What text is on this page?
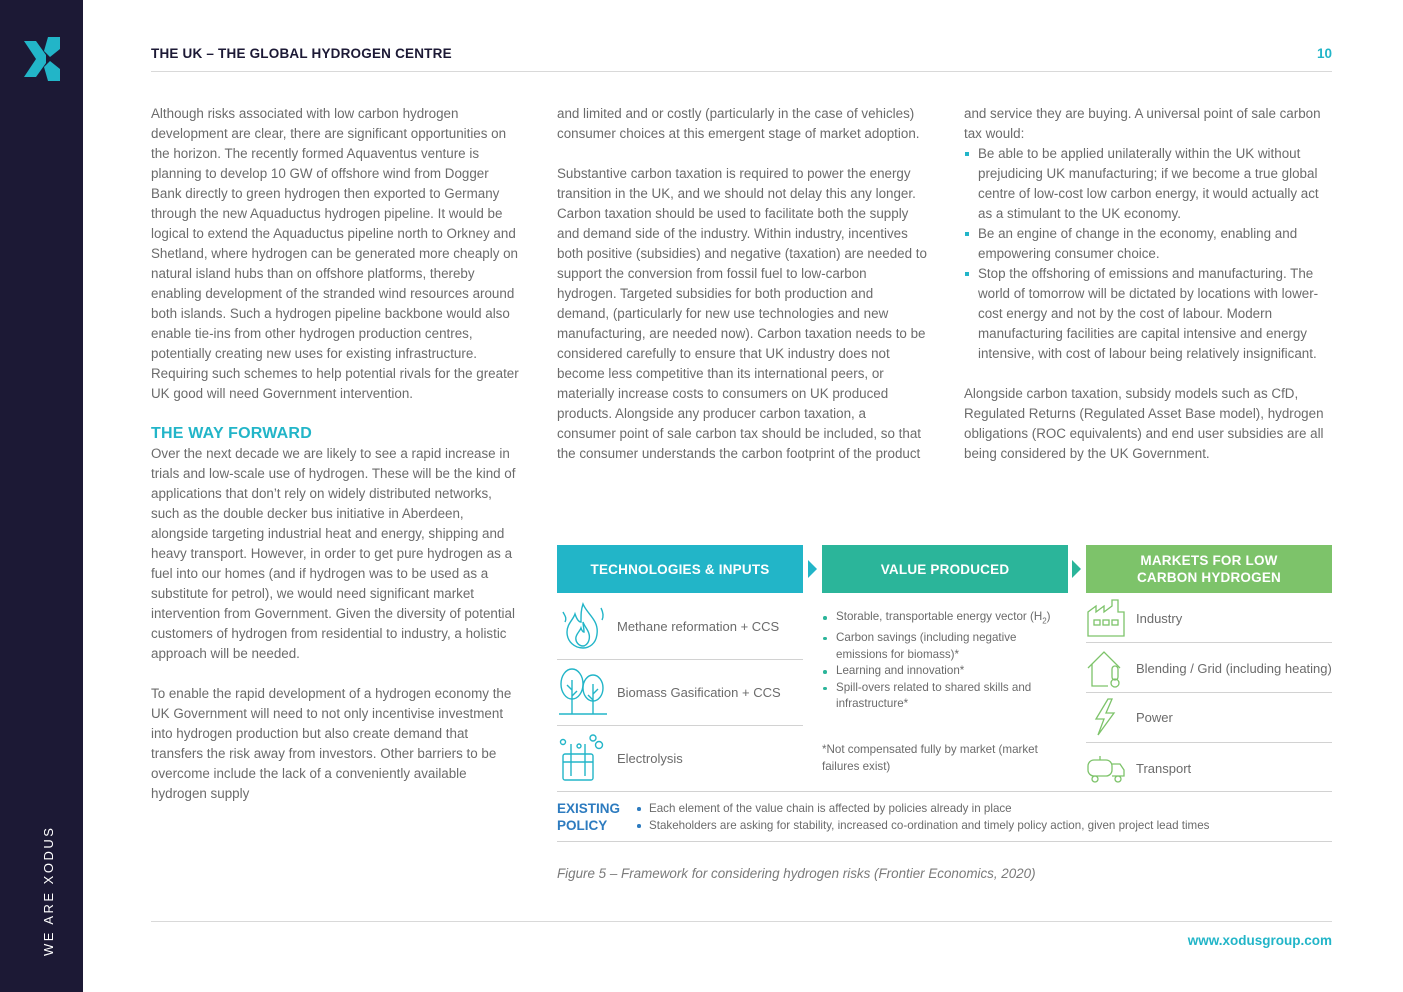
WE ARE XODUS
THE UK – THE GLOBAL HYDROGEN CENTRE	10

Although risks associated with low carbon hydrogen development are clear, there are significant opportunities on the horizon. The recently formed Aquaventus venture is planning to develop 10 GW of offshore wind from Dogger Bank directly to green hydrogen then exported to Germany through the new Aquaductus hydrogen pipeline. It would be logical to extend the Aquaductus pipeline north to Orkney and Shetland, where hydrogen can be generated more cheaply on natural island hubs than on offshore platforms, thereby enabling development of the stranded wind resources around both islands. Such a hydrogen pipeline backbone would also enable tie-ins from other hydrogen production centres, potentially creating new uses for existing infrastructure. Requiring such schemes to help potential rivals for the greater UK good will need Government intervention.

THE WAY FORWARD

Over the next decade we are likely to see a rapid increase in trials and low-scale use of hydrogen. These will be the kind of applications that don’t rely on widely distributed networks, such as the double decker bus initiative in Aberdeen, alongside targeting industrial heat and energy, shipping and heavy transport. However, in order to get pure hydrogen as a fuel into our homes (and if hydrogen was to be used as a substitute for petrol), we would need significant market intervention from Government. Given the diversity of potential customers of hydrogen from residential to industry, a holistic approach will be needed.

To enable the rapid development of a hydrogen economy the UK Government will need to not only incentivise investment into hydrogen production but also create demand that transfers the risk away from investors. Other barriers to be overcome include the lack of a conveniently available hydrogen supply

and limited and or costly (particularly in the case of vehicles) consumer choices at this emergent stage of market adoption.

Substantive carbon taxation is required to power the energy transition in the UK, and we should not delay this any longer. Carbon taxation should be used to facilitate both the supply and demand side of the industry. Within industry, incentives both positive (subsidies) and negative (taxation) are needed to support the conversion from fossil fuel to low-carbon hydrogen. Targeted subsidies for both production and demand, (particularly for new use technologies and new manufacturing, are needed now). Carbon taxation needs to be considered carefully to ensure that UK industry does not become less competitive than its international peers, or materially increase costs to consumers on UK produced products. Alongside any producer carbon taxation, a consumer point of sale carbon tax should be included, so that the consumer understands the carbon footprint of the product

and service they are buying. A universal point of sale carbon tax would:

Be able to be applied unilaterally within the UK without prejudicing UK manufacturing; if we become a true global centre of low-cost low carbon energy, it would actually act as a stimulant to the UK economy.
Be an engine of change in the economy, enabling and empowering consumer choice.
Stop the offshoring of emissions and manufacturing. The world of tomorrow will be dictated by locations with lower-cost energy and not by the cost of labour. Modern manufacturing facilities are capital intensive and energy intensive, with cost of labour being relatively insignificant.

Alongside carbon taxation, subsidy models such as CfD, Regulated Returns (Regulated Asset Base model), hydrogen obligations (ROC equivalents) and end user subsidies are all being considered by the UK Government.

TECHNOLOGIES & INPUTS	VALUE PRODUCED
MARKETS FOR LOW CARBON HYDROGEN
Methane reformation + CCS
Biomass Gasification + CCS
Electrolysis
Storable, transportable energy vector $(H_2)$
Carbon savings (including negative emissions for biomass)*
Learning and innovation*
Spill-overs related to shared skills and infrastructure*
*Not compensated fully by market (market failures exist)
Industry
Blending / Grid (including heating)
Power
Transport
EXISTING POLICY
Each element of the value chain is affected by policies already in place
Stakeholders are asking for stability, increased co-ordination and timely policy action, given project lead times
Figure 5 – Framework for considering hydrogen risks (Frontier Economics, 2020)
www.xodusgroup.com
